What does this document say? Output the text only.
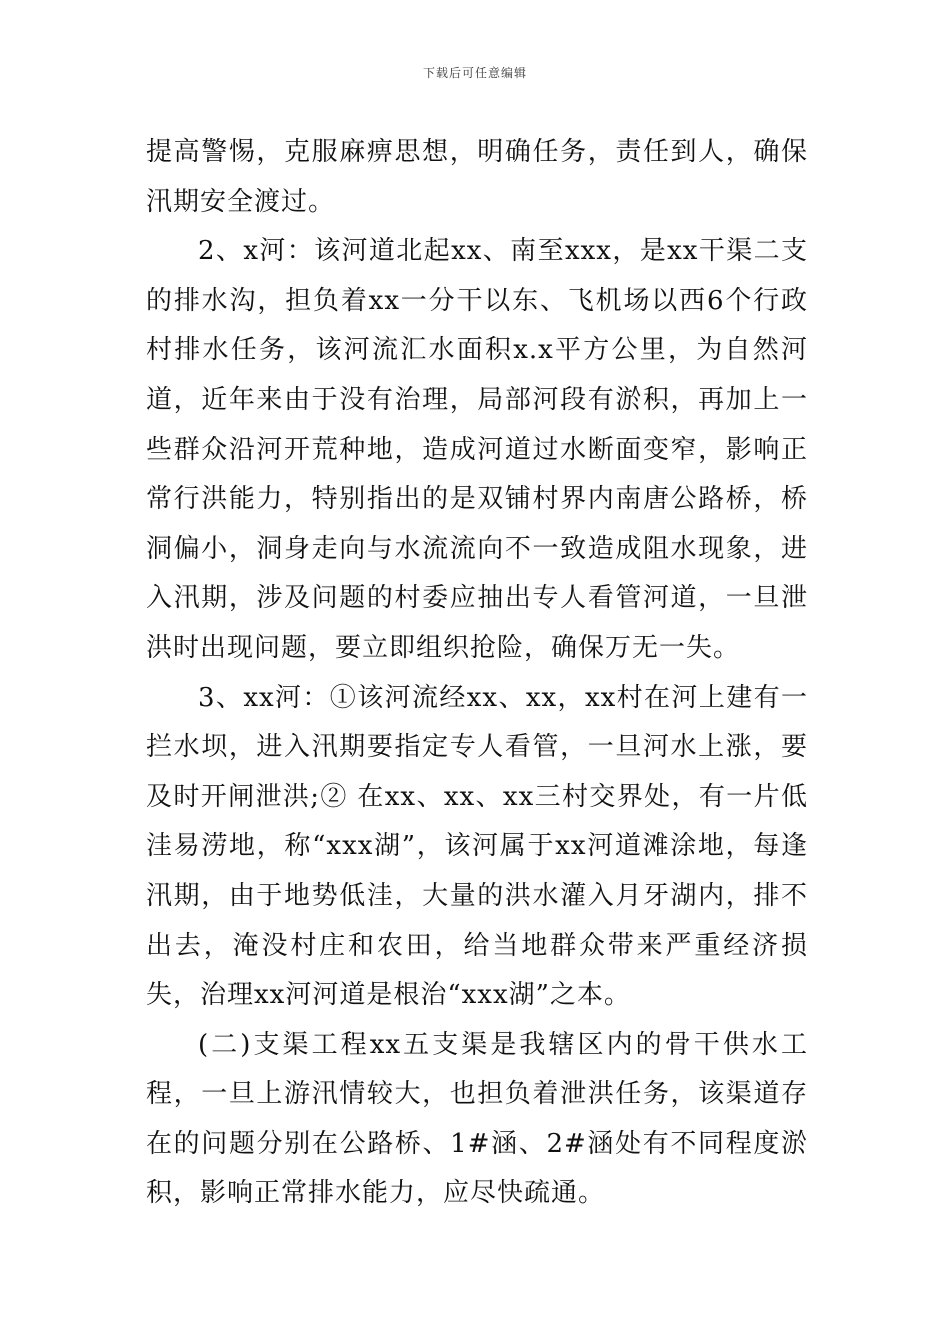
下载后可任意编辑

提高警惕，克服麻痹思想，明确任务，责任到人，确保汛期安全渡过。

2、x河：该河道北起xx、南至xxx，是xx干渠二支的排水沟，担负着xx一分干以东、飞机场以西6个行政村排水任务，该河流汇水面积x.x平方公里，为自然河道，近年来由于没有治理，局部河段有淤积，再加上一些群众沿河开荒种地，造成河道过水断面变窄，影响正常行洪能力，特别指出的是双铺村界内南唐公路桥，桥洞偏小，洞身走向与水流流向不一致造成阻水现象，进入汛期，涉及问题的村委应抽出专人看管河道，一旦泄洪时出现问题，要立即组织抢险，确保万无一失。

3、xx河：①该河流经xx、xx，xx村在河上建有一拦水坝，进入汛期要指定专人看管，一旦河水上涨，要及时开闸泄洪;② 在xx、xx、xx三村交界处，有一片低洼易涝地，称“xxx湖”，该河属于xx河道滩涂地，每逢汛期，由于地势低洼，大量的洪水灌入月牙湖内，排不出去，淹没村庄和农田，给当地群众带来严重经济损失，治理xx河河道是根治“xxx湖”之本。

(二)支渠工程xx五支渠是我辖区内的骨干供水工程，一旦上游汛情较大，也担负着泄洪任务，该渠道存在的问题分别在公路桥、1#涵、2#涵处有不同程度淤积，影响正常排水能力，应尽快疏通。
